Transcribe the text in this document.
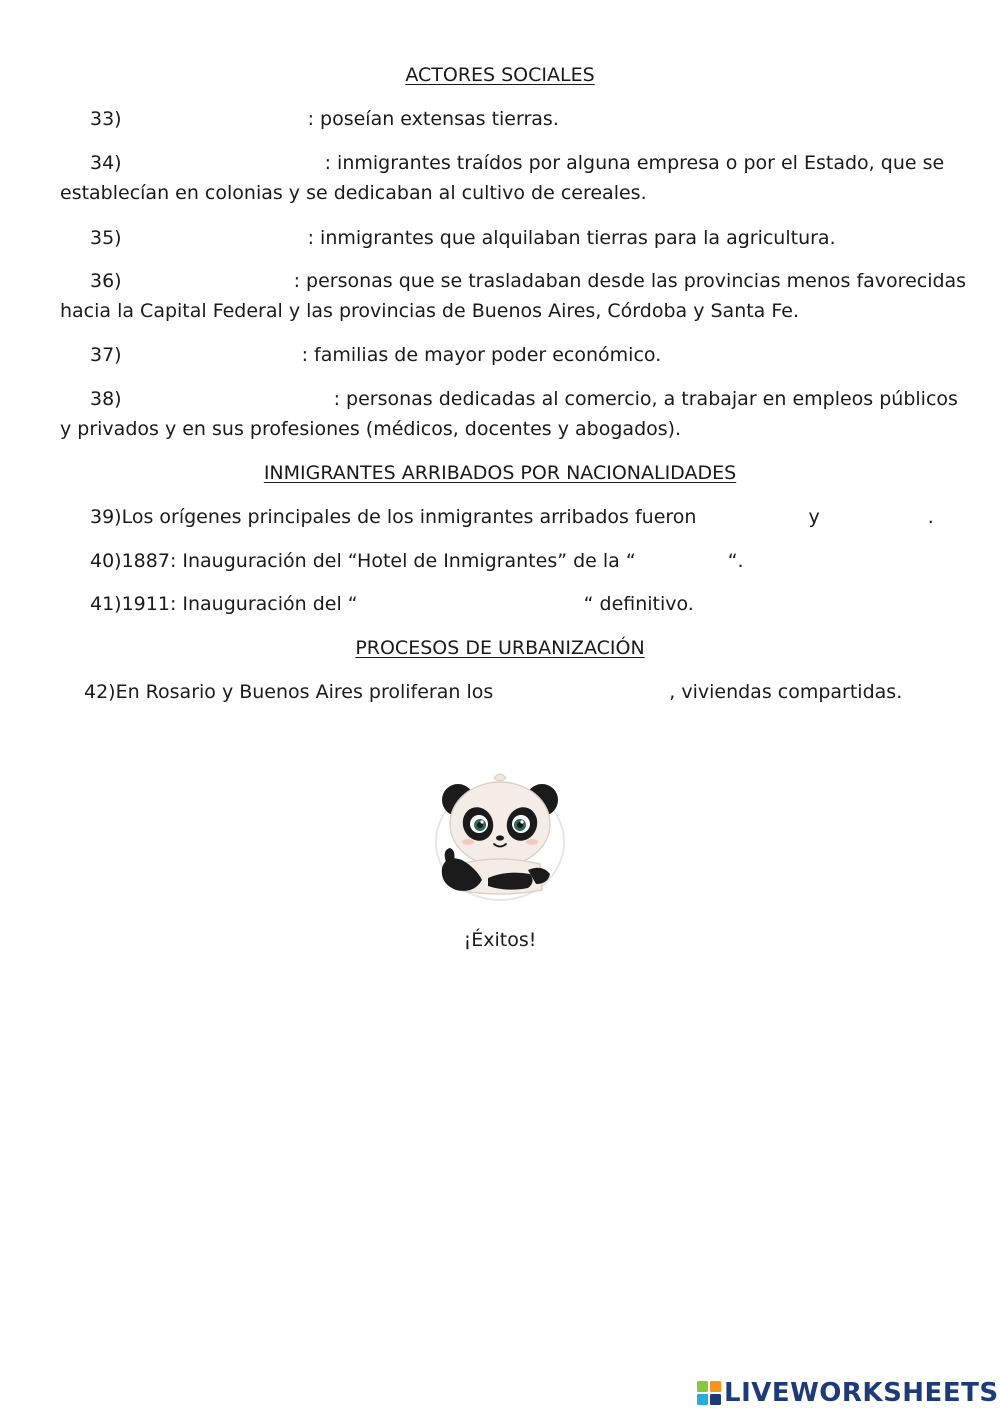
ACTORES SOCIALES
33)	: poseían extensas tierras.
34)	: inmigrantes traídos por alguna empresa o por el Estado, que se
establecían en colonias y se dedicaban al cultivo de cereales.
35)	: inmigrantes que alquilaban tierras para la agricultura.
36)	: personas que se trasladaban desde las provincias menos favorecidas
hacia la Capital Federal y las provincias de Buenos Aires, Córdoba y Santa Fe.
37)	: familias de mayor poder económico.
38)	: personas dedicadas al comercio, a trabajar en empleos públicos
y privados y en sus profesiones (médicos, docentes y abogados).
INMIGRANTES ARRIBADOS POR NACIONALIDADES
39)Los orígenes principales de los inmigrantes arribados fueron	y	.
40)1887: Inauguración del “Hotel de Inmigrantes” de la “	“.
41)1911: Inauguración del “	“ definitivo.
PROCESOS DE URBANIZACIÓN
42)En Rosario y Buenos Aires proliferan los	, viviendas compartidas.
¡Éxitos!
LIVEWORKSHEETS
